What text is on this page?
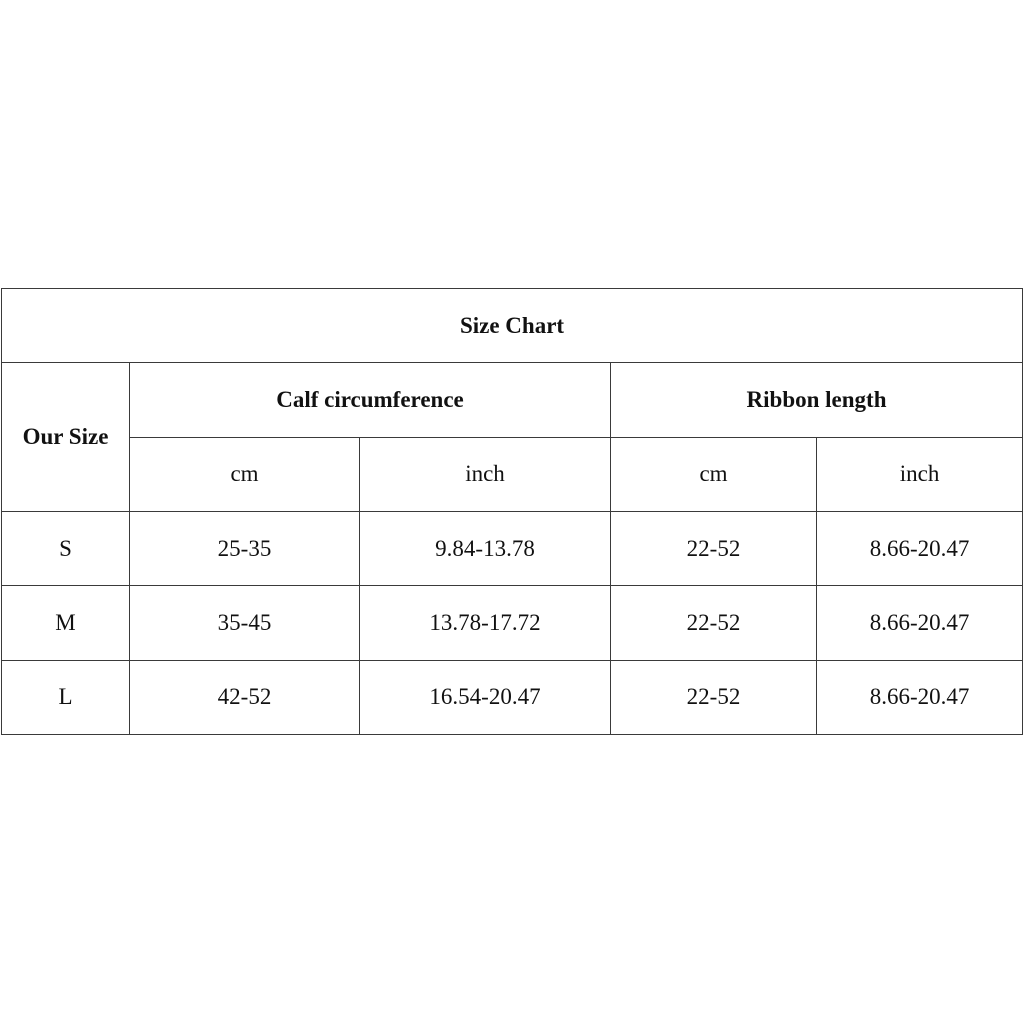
Size Chart				
Our Size	Calf circumference		Ribbon length	
	cm	inch	cm	inch
S	25-35	9.84-13.78	22-52	8.66-20.47
M	35-45	13.78-17.72	22-52	8.66-20.47
L	42-52	16.54-20.47	22-52	8.66-20.47
